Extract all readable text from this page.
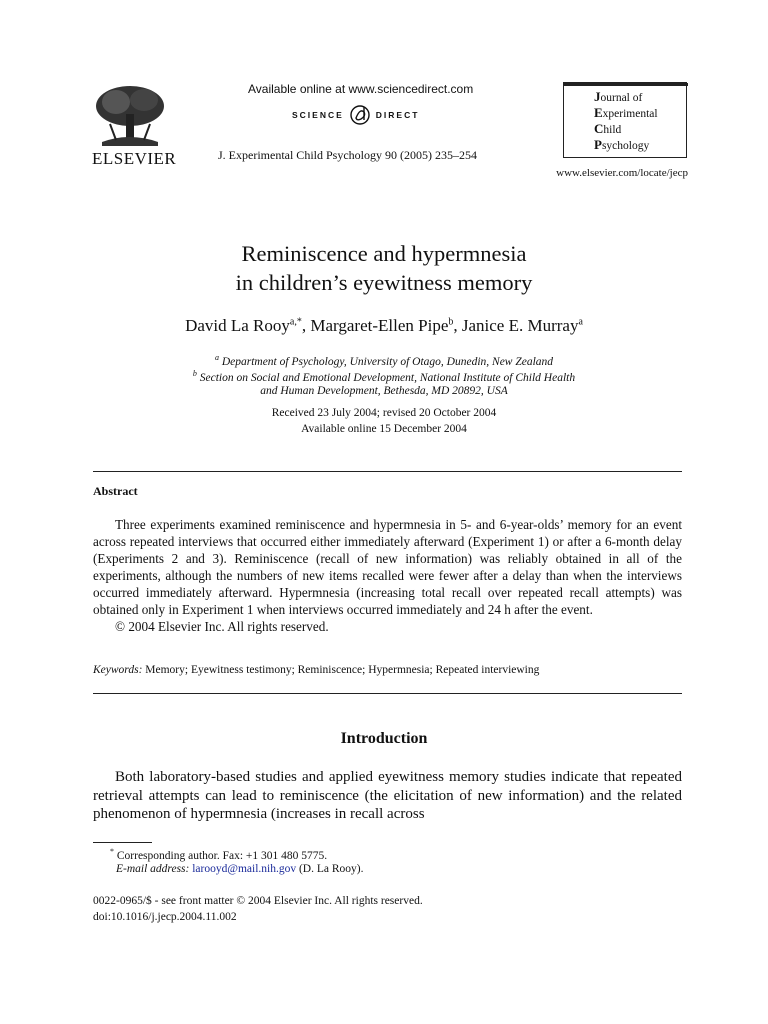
ELSEVIER
Available online at www.sciencedirect.com
SCIENCE	DIRECT
J. Experimental Child Psychology 90 (2005) 235–254
Journal of
Experimental
Child
Psychology
www.elsevier.com/locate/jecp
Reminiscence and hypermnesia
in children’s eyewitness memory
David La Rooy$^{a,*}$, Margaret-Ellen Pipe$^b$, Janice E. Murray$^a$
$^a$ Department of Psychology, University of Otago, Dunedin, New Zealand
$^b$ Section on Social and Emotional Development, National Institute of Child Health
and Human Development, Bethesda, MD 20892, USA
Received 23 July 2004; revised 20 October 2004
Available online 15 December 2004
Abstract

Three experiments examined reminiscence and hypermnesia in 5- and 6-year-olds’ memory for an event across repeated interviews that occurred either immediately afterward (Experiment 1) or after a 6-month delay (Experiments 2 and 3). Reminiscence (recall of new information) was reliably obtained in all of the experiments, although the numbers of new items recalled were fewer after a delay than when the interviews occurred immediately afterward. Hypermnesia (increasing total recall over repeated recall attempts) was obtained only in Experiment 1 when interviews occurred immediately and 24 h after the event.

© 2004 Elsevier Inc. All rights reserved.

Keywords: Memory; Eyewitness testimony; Reminiscence; Hypermnesia; Repeated interviewing
Introduction

Both laboratory-based studies and applied eyewitness memory studies indicate that repeated retrieval attempts can lead to reminiscence (the elicitation of new information) and the related phenomenon of hypermnesia (increases in recall across

* Corresponding author. Fax: +1 301 480 5775.
E-mail address: larooyd@mail.nih.gov (D. La Rooy).
0022-0965/$ - see front matter © 2004 Elsevier Inc. All rights reserved.
doi:10.1016/j.jecp.2004.11.002
